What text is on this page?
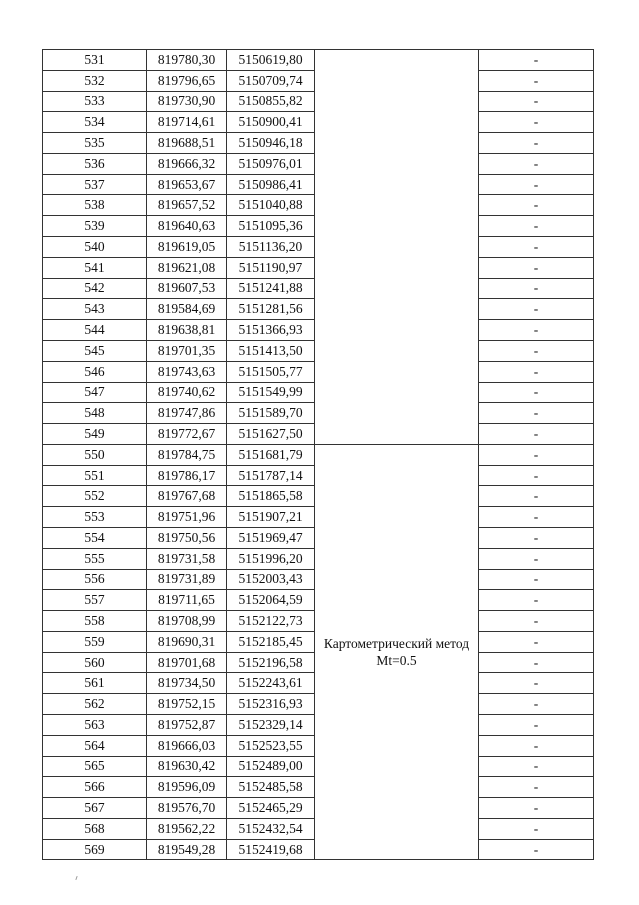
531	819780,30	5150619,80		-
532	819796,65	5150709,74		-
533	819730,90	5150855,82		-
534	819714,61	5150900,41		-
535	819688,51	5150946,18		-
536	819666,32	5150976,01		-
537	819653,67	5150986,41		-
538	819657,52	5151040,88		-
539	819640,63	5151095,36		-
540	819619,05	5151136,20		-
541	819621,08	5151190,97		-
542	819607,53	5151241,88		-
543	819584,69	5151281,56		-
544	819638,81	5151366,93		-
545	819701,35	5151413,50		-
546	819743,63	5151505,77		-
547	819740,62	5151549,99		-
548	819747,86	5151589,70		-
549	819772,67	5151627,50		-
550	819784,75	5151681,79	Картометрический метод Mt=0.5	-
551	819786,17	5151787,14		-
552	819767,68	5151865,58		-
553	819751,96	5151907,21		-
554	819750,56	5151969,47		-
555	819731,58	5151996,20		-
556	819731,89	5152003,43		-
557	819711,65	5152064,59		-
558	819708,99	5152122,73		-
559	819690,31	5152185,45		-
560	819701,68	5152196,58		-
561	819734,50	5152243,61		-
562	819752,15	5152316,93		-
563	819752,87	5152329,14		-
564	819666,03	5152523,55		-
565	819630,42	5152489,00		-
566	819596,09	5152485,58		-
567	819576,70	5152465,29		-
568	819562,22	5152432,54		-
569	819549,28	5152419,68		-
